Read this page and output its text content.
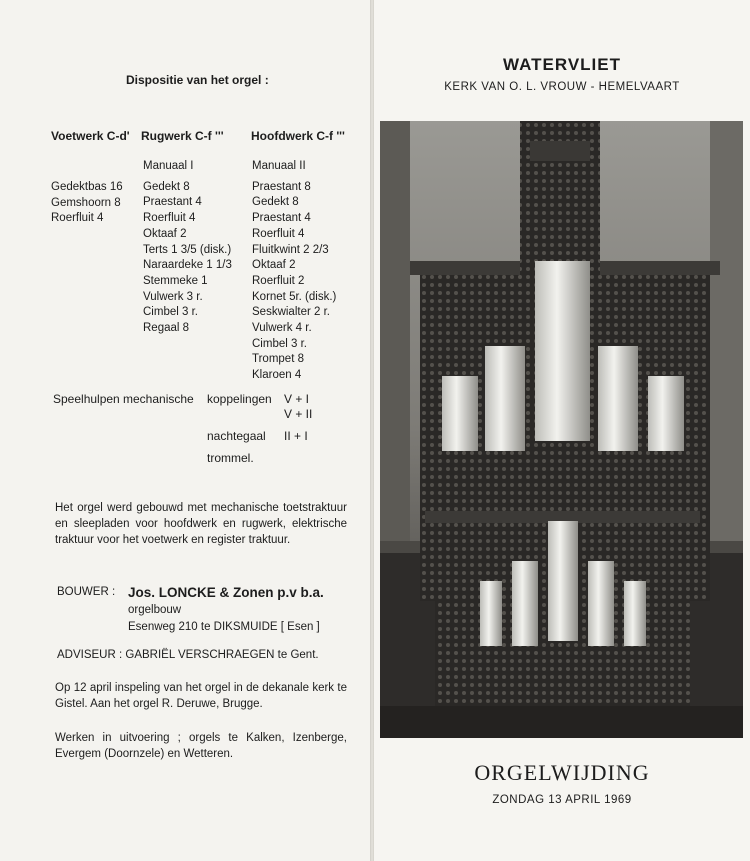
Dispositie van het orgel :
Voetwerk C-d' Rugwerk C-f ''' Hoofdwerk C-f '''
Gedektbas 16
Gemshoorn 8
Roerfluit 4
Manuaal I
Gedekt 8
Praestant 4
Roerfluit 4
Oktaaf 2
Terts 1 3/5 (disk.)
Naraardeke 1 1/3
Stemmeke 1
Vulwerk 3 r.
Cimbel 3 r.
Regaal 8
Manuaal II
Praestant 8
Gedekt 8
Praestant 4
Roerfluit 4
Fluitkwint 2 2/3
Oktaaf 2
Roerfluit 2
Kornet 5r. (disk.)
Seskwialter 2 r.
Vulwerk 4 r.
Cimbel 3 r.
Trompet 8
Klaroen 4
Speelhulpen mechanische koppelingen V + I
V + II
nachtegaal II + I
trommel.
Het orgel werd gebouwd met mechanische toetstraktuur en sleepladen voor hoofdwerk en rugwerk, elektrische traktuur voor het voetwerk en register traktuur.
BOUWER : Jos. LONCKE & Zonen p.v b.a.
orgelbouw
Esenweg 210 te DIKSMUIDE [ Esen ]
ADVISEUR : GABRIËL VERSCHRAEGEN te Gent.
Op 12 april inspeling van het orgel in de dekanale kerk te Gistel. Aan het orgel R. Deruwe, Brugge.
Werken in uitvoering ; orgels te Kalken, Izenberge, Evergem (Doornzele) en Wetteren.
WATERVLIET
KERK VAN O. L. VROUW - HEMELVAART
ORGELWIJDING
ZONDAG 13 APRIL 1969
